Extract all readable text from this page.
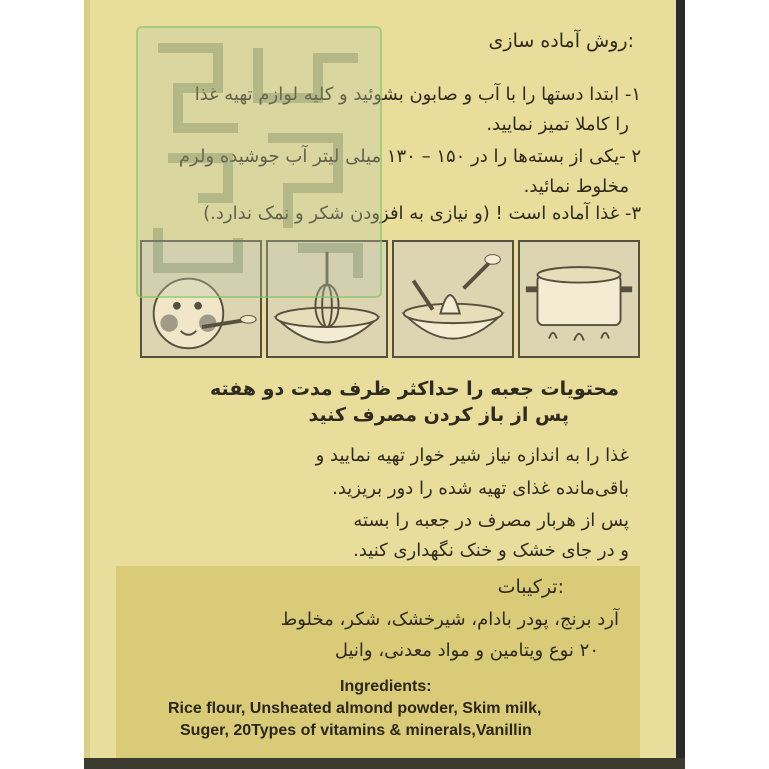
:روش آماده سازی
۱- ابتدا دستها را با آب و صابون بشوئید و کلیه لوازم تهیه غذا
را کاملا تمیز نمایید.
۲ -یکی از بسته‌ها را در ۱۵۰ – ۱۳۰ میلی لیتر آب جوشیده ولرم
مخلوط نمائید.
۳- غذا آماده است ! (و نیازی به افزودن شکر و نمک ندارد.)
محتویات جعبه را حداکثر ظرف مدت دو هفته
پس از باز کردن مصرف کنید
غذا را به اندازه نیاز شیر خوار تهیه نمایید و
باقی‌مانده غذای تهیه شده را دور بریزید.
پس از هربار مصرف در جعبه را بسته
و در جای خشک و خنک نگهداری کنید.
:ترکیبات
آرد برنج، پودر بادام، شیرخشک، شکر، مخلوط
۲۰ نوع ویتامین و مواد معدنی، وانیل
Ingredients:
Rice flour, Unsheated almond powder, Skim milk,
Suger, 20Types of vitamins & minerals,Vanillin
